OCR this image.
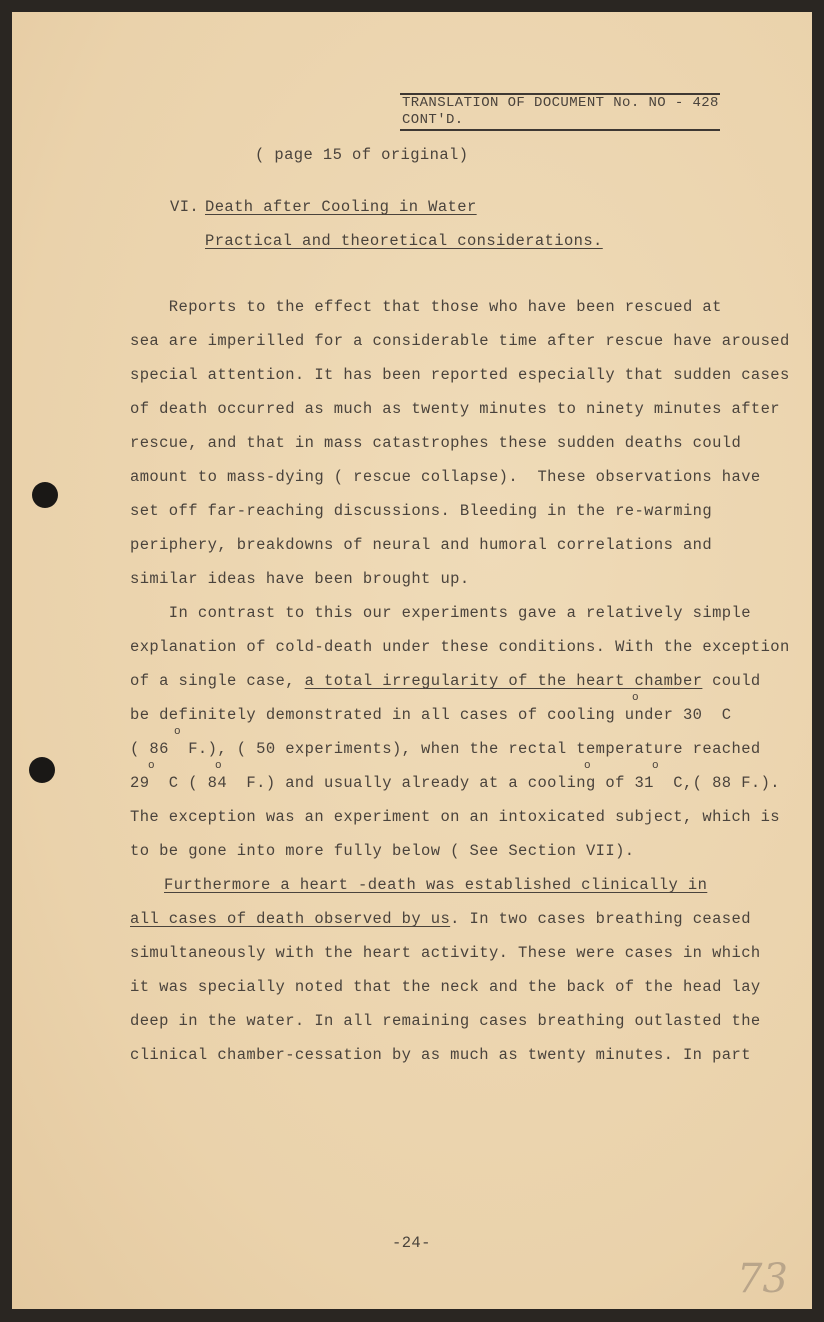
TRANSLATION OF DOCUMENT No. NO - 428
CONT'D.
( page 15 of original)
VI. Death after Cooling in Water
Practical and theoretical considerations.
Reports to the effect that those who have been rescued at
sea are imperilled for a considerable time after rescue have aroused
special attention. It has been reported especially that sudden cases
of death occurred as much as twenty minutes to ninety minutes after
rescue, and that in mass catastrophes these sudden deaths could
amount to mass-dying ( rescue collapse).  These observations have
set off far-reaching discussions. Bleeding in the re-warming
periphery, breakdowns of neural and humoral correlations and
similar ideas have been brought up.
In contrast to this our experiments gave a relatively simple
explanation of cold-death under these conditions. With the exception
of a single case, a total irregularity of the heart chamber could
o
be definitely demonstrated in all cases of cooling under 30  C
o
( 86  F.), ( 50 experiments), when the rectal temperature reached
o	o	o	o
29  C ( 84  F.) and usually already at a cooling of 31  C,( 88 F.).
The exception was an experiment on an intoxicated subject, which is
to be gone into more fully below ( See Section VII).
Furthermore a heart -death was established clinically in
all cases of death observed by us. In two cases breathing ceased
simultaneously with the heart activity. These were cases in which
it was specially noted that the neck and the back of the head lay
deep in the water. In all remaining cases breathing outlasted the
clinical chamber-cessation by as much as twenty minutes. In part
-24-
73
